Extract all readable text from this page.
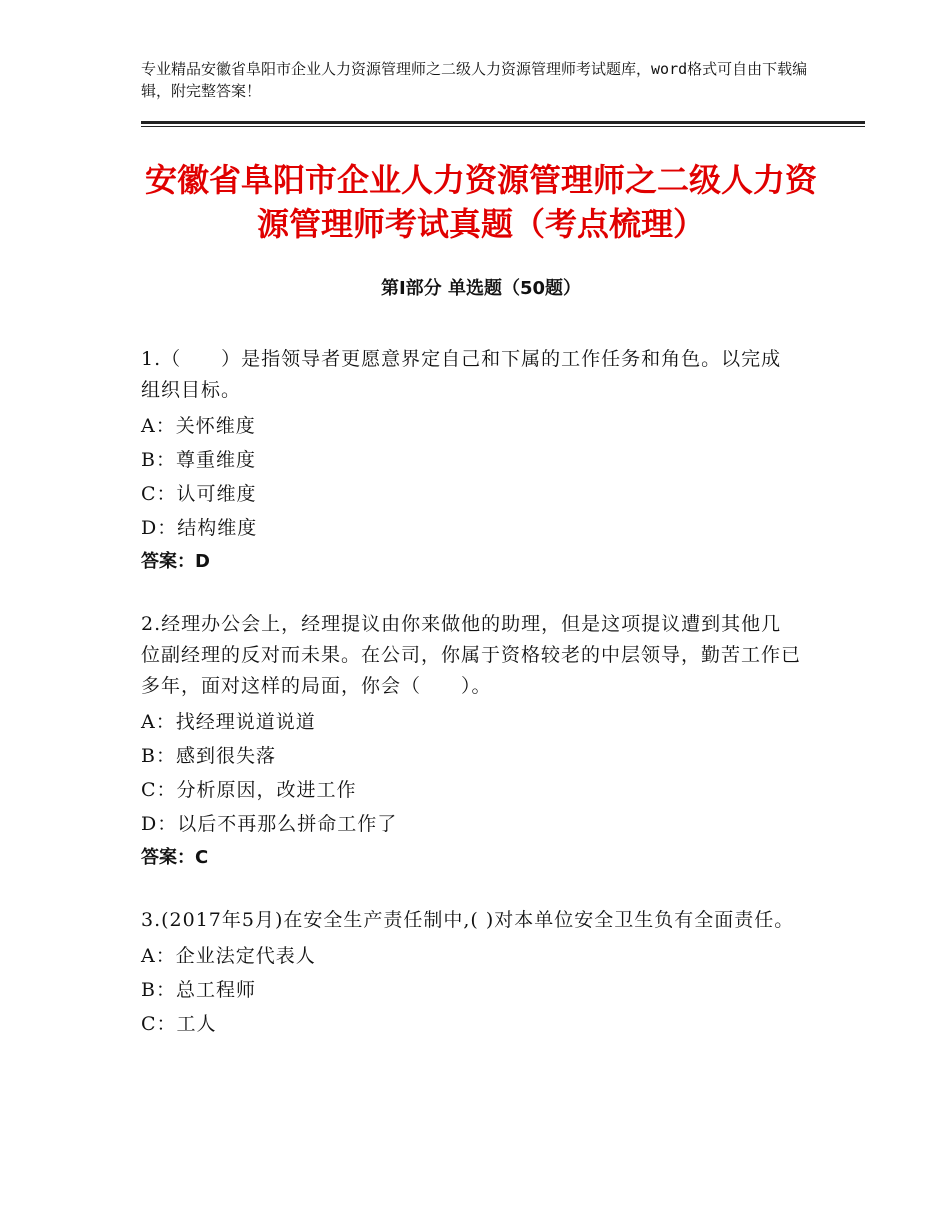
专业精品安徽省阜阳市企业人力资源管理师之二级人力资源管理师考试题库，word格式可自由下载编辑，附完整答案！
安徽省阜阳市企业人力资源管理师之二级人力资源管理师考试真题（考点梳理）
第Ⅰ部分 单选题（50题）
1.（　　）是指领导者更愿意界定自己和下属的工作任务和角色。以完成组织目标。
A：关怀维度
B：尊重维度
C：认可维度
D：结构维度
答案：D
2.经理办公会上，经理提议由你来做他的助理，但是这项提议遭到其他几位副经理的反对而未果。在公司，你属于资格较老的中层领导，勤苦工作已多年，面对这样的局面，你会（　　）。
A：找经理说道说道
B：感到很失落
C：分析原因，改进工作
D：以后不再那么拼命工作了
答案：C
3.(2017年5月)在安全生产责任制中,( )对本单位安全卫生负有全面责任。
A：企业法定代表人
B：总工程师
C：工人
